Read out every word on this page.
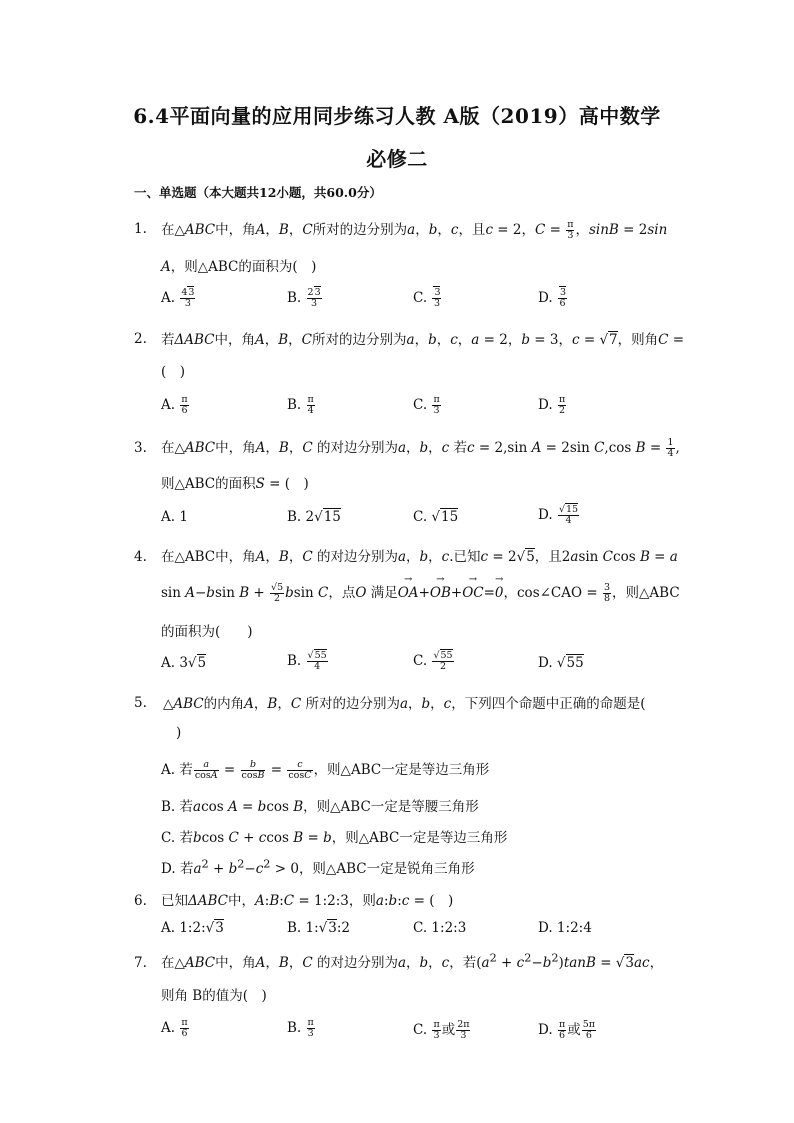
6.4平面向量的应用同步练习人教 A版（2019）高中数学
必修二
一、单选题（本大题共12小题，共60.0分）
1. 在△ABC中，角A，B，C所对的边分别为a，b，c，且c = 2，$C = \frac{\pi}{3}$ ，sinB = 2sin
A，则△ABC的面积为(　)
A. $\frac{43}{3}$	B. $\frac{23}{3}$	C. $\frac{3}{3}$	D. $\frac{3}{6}$
2. 若ΔABC中，角A，B，C所对的边分别为a，b，c，a = 2，b = 3，c = √7，则角C =
(　)
A. $\frac{\pi}{6}$	B. $\frac{\pi}{4}$	C. $\frac{\pi}{3}$	D. $\frac{\pi}{2}$
3. 在△ABC中，角A，B，C 的对边分别为a，b，c 若c = 2,sin A = 2sin C,cos $B = \frac{1}{4}$ ,
则△ABC的面积S = (　)
A. 1	B. 2√15	C. √15	D. $\frac{√15}{4}$
4. 在△ABC中，角A，B，C 的对边分别为a，b，c.已知c = 2√5，且2asin Ccos B = a
sin A−bsin $B + \frac{√5}{2}$ bsin C，点O 满足→ OA+→ OB+→ OC=→ 0，cos∠CAO = $\frac{3}{8}$ ，则△ABC
的面积为(　　)
A. 3√5	B. $\frac{√55}{4}$	C. $\frac{√55}{2}$	D. √55
5. △ABC的内角A，B，C 所对的边分别为a，b，c，下列四个命题中正确的命题是(
)
A. 若 $\frac{a}{\cos A} = \frac{b}{\cos B} = \frac{c}{\cos C}$ ，则△ABC一定是等边三角形
B. 若acos A = bcos B，则△ABC一定是等腰三角形
C. 若bcos C + ccos B = b，则△ABC一定是等边三角形
D. 若$a^2 + b^2-c^2 > 0$，则△ABC一定是锐角三角形
6. 已知ΔABC中，A:B:C = 1:2:3，则a:b:c = (　)
A. 1:2:√3	B. 1:√3:2	C. 1:2:3	D. 1:2:4
7. 在△ABC中，角A，B，C 的对边分别为a，b，c，若$(a^2 + c^2-b^2)\tan B = √3ac$，
则角 B的值为(　)
A. $\frac{\pi}{6}$	B. $\frac{\pi}{3}$	C. $\frac{\pi}{3}$ 或 $\frac{2\pi}{3}$	D. $\frac{\pi}{6}$ 或 $\frac{5\pi}{6}$
